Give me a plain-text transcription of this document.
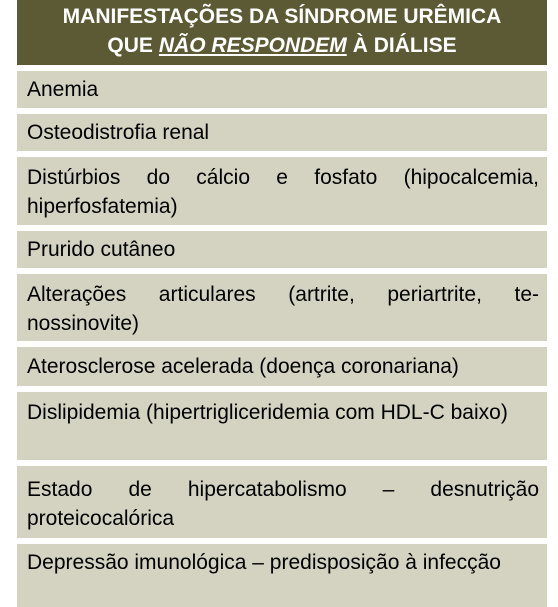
MANIFESTAÇÕES DA SÍNDROME URÊMICA
QUE NÃO RESPONDEM À DIÁLISE
Anemia
Osteodistrofia renal
Distúrbios do cálcio e fosfato (hipocalcemia, hiperfosfatemia)
Prurido cutâneo
Alterações articulares (artrite, periartrite, te-nossinovite)
Aterosclerose acelerada (doença coronariana)
Dislipidemia (hipertrigliceridemia com HDL-C baixo)
Estado de hipercatabolismo – desnutrição proteicocalórica
Depressão imunológica – predisposição à infecção
